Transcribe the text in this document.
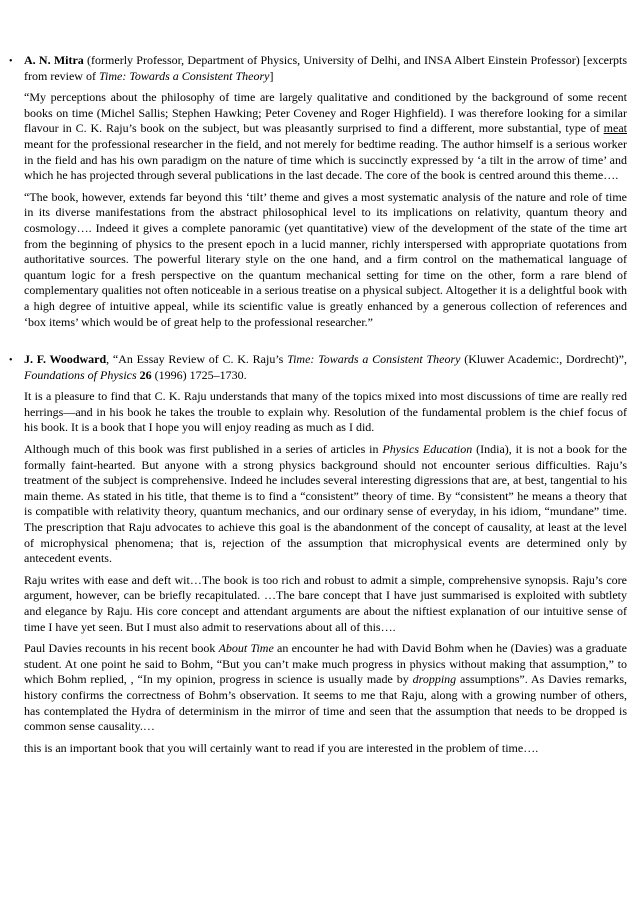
• A. N. Mitra (formerly Professor, Department of Physics, University of Delhi, and INSA Albert Einstein Professor) [excerpts from review of Time: Towards a Consistent Theory]

“My perceptions about the philosophy of time are largely qualitative and conditioned by the background of some recent books on time (Michel Sallis; Stephen Hawking; Peter Coveney and Roger Highfield). I was therefore looking for a similar flavour in C. K. Raju’s book on the subject, but was pleasantly surprised to find a different, more substantial, type of meat meant for the professional researcher in the field, and not merely for bedtime reading. The author himself is a serious worker in the field and has his own paradigm on the nature of time which is succinctly expressed by ‘a tilt in the arrow of time’ and which he has projected through several publications in the last decade. The core of the book is centred around this theme….

“The book, however, extends far beyond this ‘tilt’ theme and gives a most systematic analysis of the nature and role of time in its diverse manifestations from the abstract philosophical level to its implications on relativity, quantum theory and cosmology…. Indeed it gives a complete panoramic (yet quantitative) view of the development of the state of the time art from the beginning of physics to the present epoch in a lucid manner, richly interspersed with appropriate quotations from authoritative sources. The powerful literary style on the one hand, and a firm control on the mathematical language of quantum logic for a fresh perspective on the quantum mechanical setting for time on the other, form a rare blend of complementary qualities not often noticeable in a serious treatise on a physical subject. Altogether it is a delightful book with a high degree of intuitive appeal, while its scientific value is greatly enhanced by a generous collection of references and ‘box items’ which would be of great help to the professional researcher.”

• J. F. Woodward, “An Essay Review of C. K. Raju’s Time: Towards a Consistent Theory (Kluwer Academic:, Dordrecht)”, Foundations of Physics 26 (1996) 1725–1730.

It is a pleasure to find that C. K. Raju understands that many of the topics mixed into most discussions of time are really red herrings—and in his book he takes the trouble to explain why. Resolution of the fundamental problem is the chief focus of his book. It is a book that I hope you will enjoy reading as much as I did.

Although much of this book was first published in a series of articles in Physics Education (India), it is not a book for the formally faint-hearted. But anyone with a strong physics background should not encounter serious difficulties. Raju’s treatment of the subject is comprehensive. Indeed he includes several interesting digressions that are, at best, tangential to his main theme. As stated in his title, that theme is to find a “consistent” theory of time. By “consistent” he means a theory that is compatible with relativity theory, quantum mechanics, and our ordinary sense of everyday, in his idiom, “mundane” time. The prescription that Raju advocates to achieve this goal is the abandonment of the concept of causality, at least at the level of microphysical phenomena; that is, rejection of the assumption that microphysical events are determined only by antecedent events.

Raju writes with ease and deft wit…The book is too rich and robust to admit a simple, comprehensive synopsis. Raju’s core argument, however, can be briefly recapitulated. …The bare concept that I have just summarised is exploited with subtlety and elegance by Raju. His core concept and attendant arguments are about the niftiest explanation of our intuitive sense of time I have yet seen. But I must also admit to reservations about all of this….

Paul Davies recounts in his recent book About Time an encounter he had with David Bohm when he (Davies) was a graduate student. At one point he said to Bohm, “But you can’t make much progress in physics without making that assumption,” to which Bohm replied, , “In my opinion, progress in science is usually made by dropping assumptions”. As Davies remarks, history confirms the correctness of Bohm’s observation. It seems to me that Raju, along with a growing number of others, has contemplated the Hydra of determinism in the mirror of time and seen that the assumption that needs to be dropped is common sense causality.…

this is an important book that you will certainly want to read if you are interested in the problem of time….
